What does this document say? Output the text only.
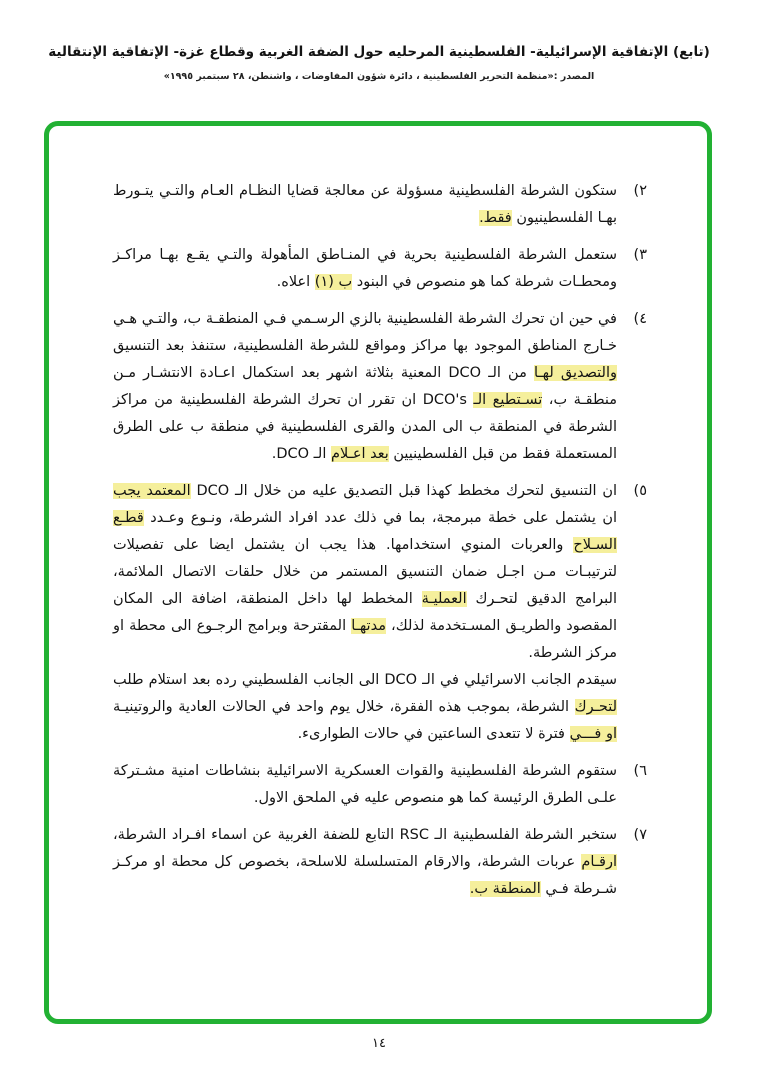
(تابع) الإتفاقية الإسرائيلية- الفلسطينية المرحليه حول الضفة الغربية وقطاع غزة- الإتفاقية الإنتقالية
المصدر :«منظمة التحرير الفلسطينية ، دائرة شؤون المفاوضات ، واشنطن، ٢٨ سبتمبر ١٩٩٥»
٢)

ستكون الشرطة الفلسطينية مسؤولة عن معالجة قضايا النظـام العـام والتـي يتـورط بهـا الفلسطينيون فقط.

٣)

ستعمل الشرطة الفلسطينية بحرية في المنـاطق المأهولة والتـي يقـع بهـا مراكـز ومحطـات شرطة كما هو منصوص في البنود ب (١) اعلاه.

٤)

في حين ان تحرك الشرطة الفلسطينية بالزي الرسـمي فـي المنطقـة ب، والتـي هـي خـارج المناطق الموجود بها مراكز ومواقع للشرطة الفلسطينية، ستنفذ بعد التنسيق والتصديق لهـا من الـ DCO المعنية بثلاثة اشهر بعد استكمال اعـادة الانتشـار مـن منطقـة ب، تسـتطيع الـ DCO's ان تقرر ان تحرك الشرطة الفلسطينية من مراكز الشرطة في المنطقة ب الى المدن والقرى الفلسطينية في منطقة ب على الطرق المستعملة فقط من قبل الفلسطينيين بعد اعـلام الـ DCO.

٥)

ان التنسيق لتحرك مخطط كهذا قبل التصديق عليه من خلال الـ DCO المعتمد يجب ان يشتمل على خطة مبرمجة، بما في ذلك عدد افراد الشرطة، ونـوع وعـدد قطـع السـلاح والعربات المنوي استخدامها. هذا يجب ان يشتمل ايضا على تفصيلات لترتيبـات مـن اجـل ضمان التنسيق المستمر من خلال حلقات الاتصال الملائمة، البرامج الدقيق لتحـرك العمليـة المخطط لها داخل المنطقة، اضافة الى المكان المقصود والطريـق المسـتخدمة لذلك، مدتهـا المقترحة وبرامج الرجـوع الى محطة او مركز الشرطة.

سيقدم الجانب الاسرائيلي في الـ DCO الى الجانب الفلسطيني رده بعد استلام طلب لتحـرك الشرطة، بموجب هذه الفقرة، خلال يوم واحد في الحالات العادية والروتينيـة او فـــي فترة لا تتعدى الساعتين في حالات الطوارىء.

٦)

ستقوم الشرطة الفلسطينية والقوات العسكرية الاسرائيلية بنشاطات امنية مشـتركة علـى الطرق الرئيسة كما هو منصوص عليه في الملحق الاول.

٧)

ستخبر الشرطة الفلسطينية الـ RSC التابع للضفة الغربية عن اسماء افـراد الشرطة، ارقـام عربات الشرطة، والارقام المتسلسلة للاسلحة، بخصوص كل محطة او مركـز شـرطة فـي المنطقة ب.

١٤
